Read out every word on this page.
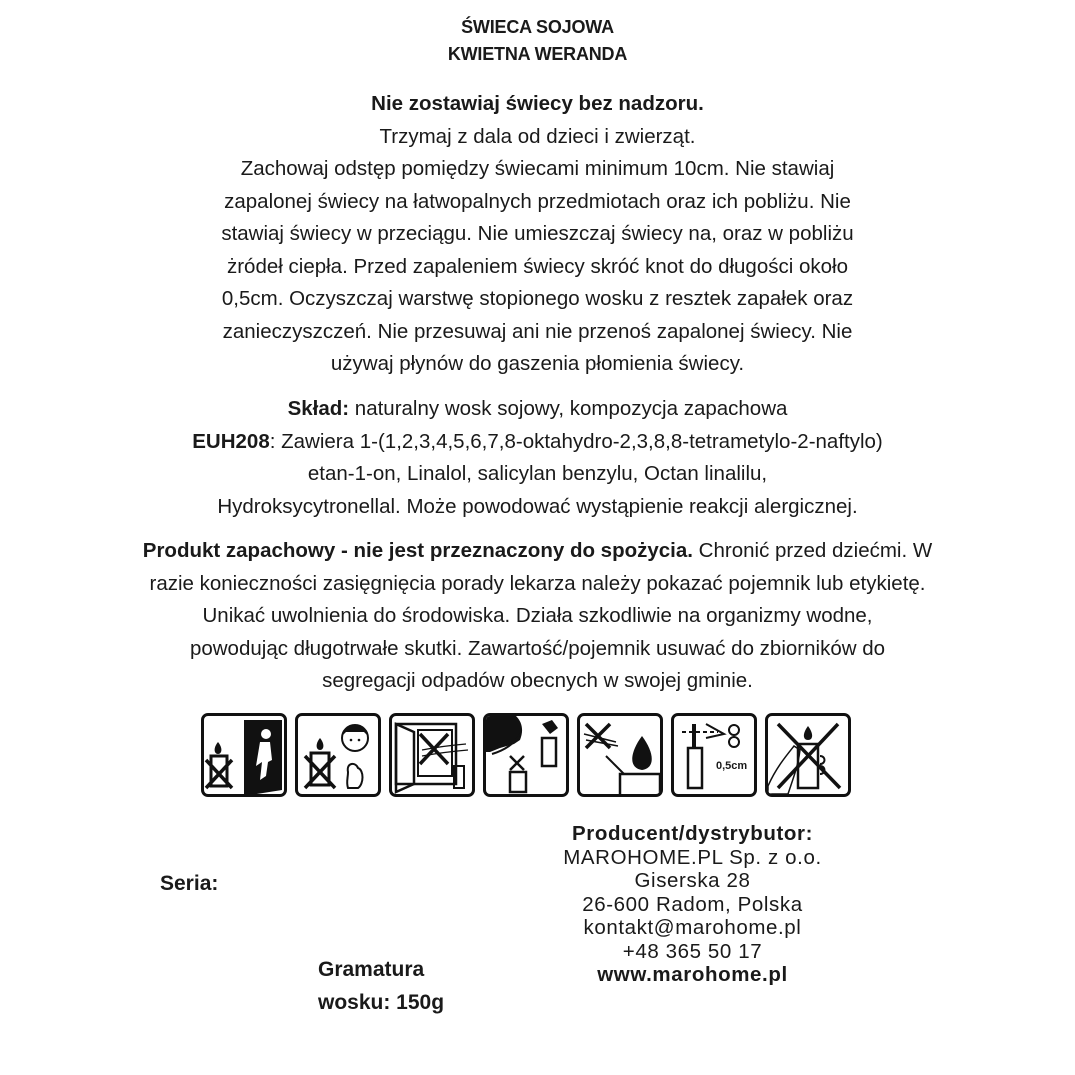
ŚWIECA SOJOWA
KWIETNA WERANDA
Nie zostawiaj świecy bez nadzoru.
Trzymaj z dala od dzieci i zwierząt.
Zachowaj odstęp pomiędzy świecami minimum 10cm. Nie stawiaj
zapalonej świecy na łatwopalnych przedmiotach oraz ich pobliżu. Nie
stawiaj świecy w przeciągu. Nie umieszczaj świecy na, oraz w pobliżu
żródeł ciepła. Przed zapaleniem świecy skróć knot do długości około
0,5cm. Oczyszczaj warstwę stopionego wosku z resztek zapałek oraz
zanieczyszczeń. Nie przesuwaj ani nie przenoś zapalonej świecy. Nie
używaj płynów do gaszenia płomienia świecy.
Skład: naturalny wosk sojowy, kompozycja zapachowa
EUH208: Zawiera 1-(1,2,3,4,5,6,7,8-oktahydro-2,3,8,8-tetrametylo-2-naftylo)
etan-1-on, Linalol, salicylan benzylu, Octan linalilu,
Hydroksycytronellal. Może powodować wystąpienie reakcji alergicznej.
Produkt zapachowy - nie jest przeznaczony do spożycia. Chronić przed dziećmi. W
razie konieczności zasięgnięcia porady lekarza należy pokazać pojemnik lub etykietę.
Unikać uwolnienia do środowiska. Działa szkodliwie na organizmy wodne,
powodując długotrwałe skutki. Zawartość/pojemnik usuwać do zbiorników do
segregacji odpadów obecnych w swojej gminie.
0,5cm
Seria:
Gramatura
wosku: 150g
Producent/dystrybutor:
MAROHOME.PL Sp. z o.o.
Giserska 28
26-600 Radom, Polska
kontakt@marohome.pl
+48 365 50 17
www.marohome.pl
